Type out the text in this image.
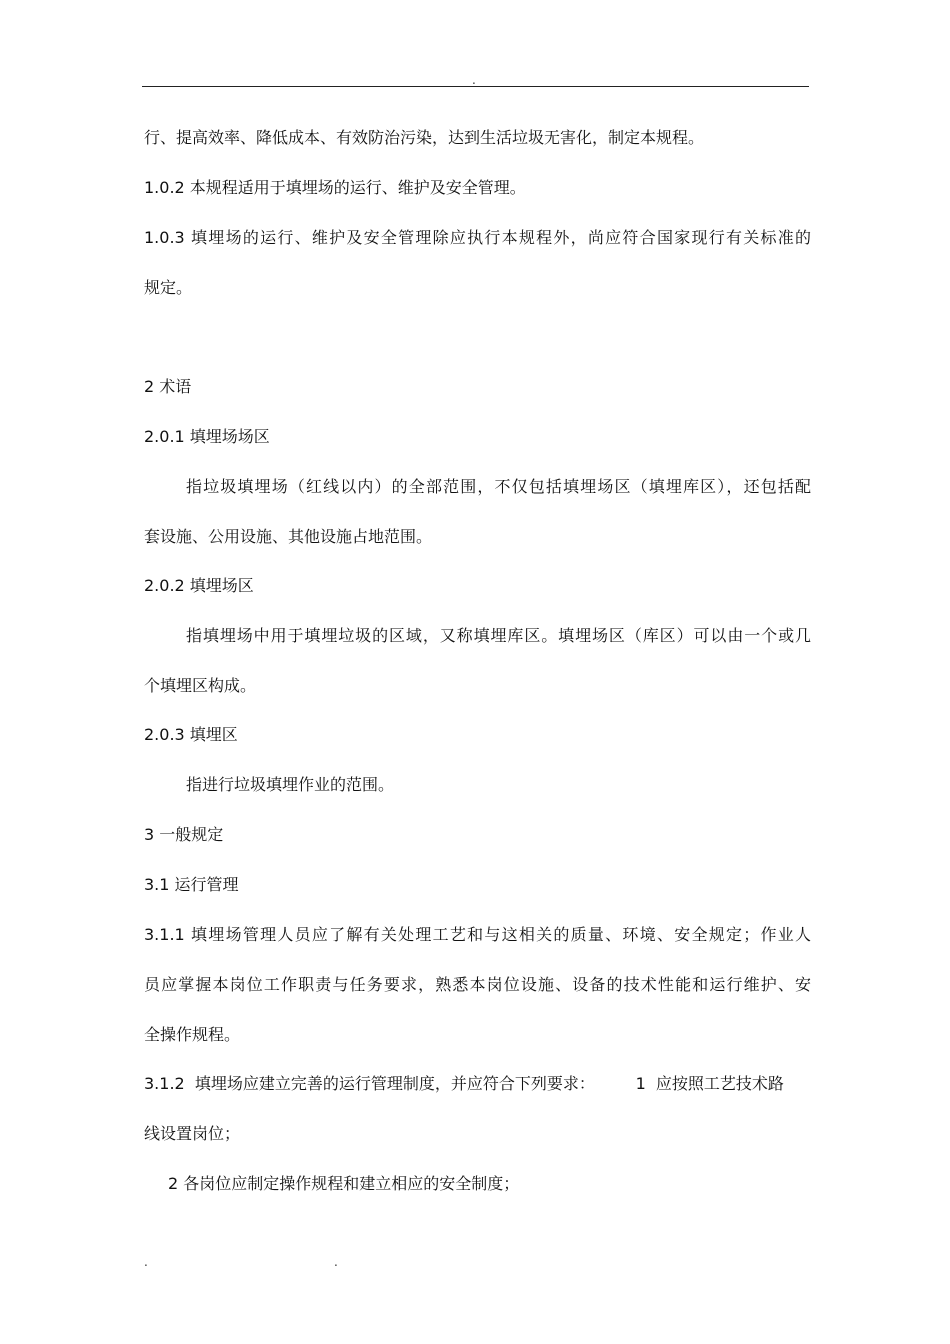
.
行、提高效率、降低成本、有效防治污染，达到生活垃圾无害化，制定本规程。
1.0.2 本规程适用于填埋场的运行、维护及安全管理。
1.0.3 填埋场的运行、维护及安全管理除应执行本规程外，尚应符合国家现行有关标准的
规定。
2 术语
2.0.1 填埋场场区
指垃圾填埋场（红线以内）的全部范围，不仅包括填埋场区（填埋库区），还包括配
套设施、公用设施、其他设施占地范围。
2.0.2 填埋场区
指填埋场中用于填埋垃圾的区域，又称填埋库区。填埋场区（库区）可以由一个或几
个填埋区构成。
2.0.3 填埋区
指进行垃圾填埋作业的范围。
3 一般规定
3.1 运行管理
3.1.1 填埋场管理人员应了解有关处理工艺和与这相关的质量、环境、安全规定；作业人
员应掌握本岗位工作职责与任务要求，熟悉本岗位设施、设备的技术性能和运行维护、安
全操作规程。
3.1.2  填埋场应建立完善的运行管理制度，并应符合下列要求：        1  应按照工艺技术路
线设置岗位；
2 各岗位应制定操作规程和建立相应的安全制度；
.	.
